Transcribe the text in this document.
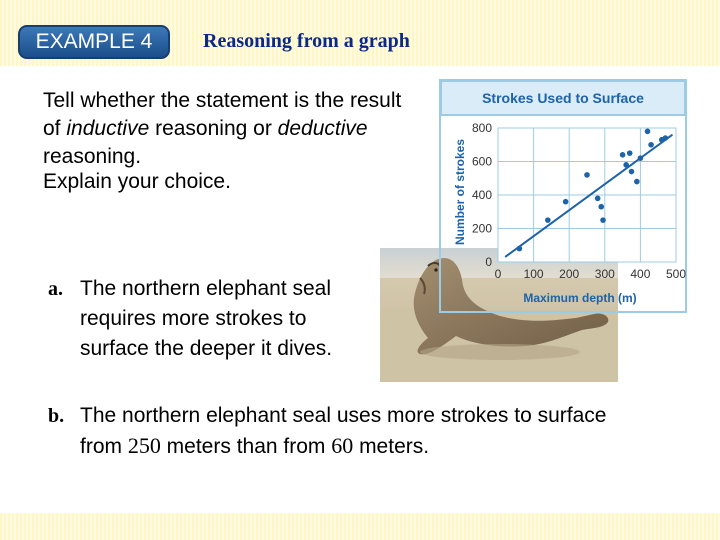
EXAMPLE 4	Reasoning from a graph
Tell whether the statement is the result of inductive reasoning or deductive reasoning.
Explain your choice.
Strokes Used to Surface
0 100 200 300 400 500
0
200
400
600
800
Number of strokes
Maximum depth (m)
a. The northern elephant seal requires more strokes to surface the deeper it dives.
b. The northern elephant seal uses more strokes to surface from 250 meters than from 60 meters.
